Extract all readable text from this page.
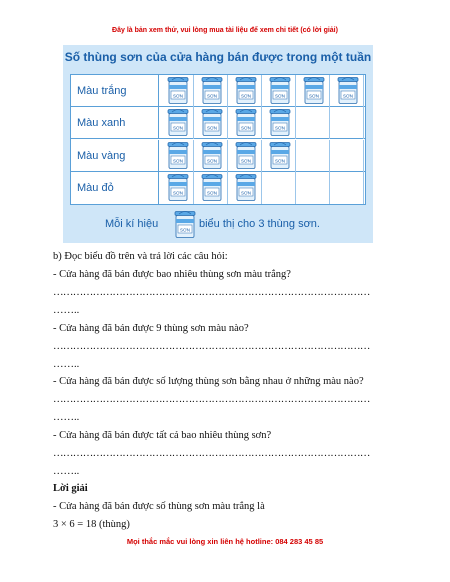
Đây là bản xem thử, vui lòng mua tài liệu để xem chi tiết (có lời giải)
Số thùng sơn của cửa hàng bán được trong một tuần
Màu trắng	SƠN	SƠN	SƠN	SƠN	SƠN	SƠN
Màu xanh	SƠN	SƠN	SƠN	SƠN
Màu vàng	SƠN	SƠN	SƠN	SƠN
Màu đỏ	SƠN	SƠN	SƠN
Mỗi kí hiệu	SƠN biểu thị cho 3 thùng sơn.
b) Đọc biểu đồ trên và trả lời các câu hỏi:
- Cửa hàng đã bán được bao nhiêu thùng sơn màu trắng?
……………………………………………………………………………………
……..
- Cửa hàng đã bán được 9 thùng sơn màu nào?
……………………………………………………………………………………
……..
- Cửa hàng đã bán được số lượng thùng sơn bằng nhau ở những màu nào?
……………………………………………………………………………………
……..
- Cửa hàng đã bán được tất cả bao nhiêu thùng sơn?
……………………………………………………………………………………
……..
Lời giải
- Cửa hàng đã bán được số thùng sơn màu trắng là
3 × 6 = 18 (thùng)
Mọi thắc mắc vui lòng xin liên hệ hotline: 084 283 45 85
